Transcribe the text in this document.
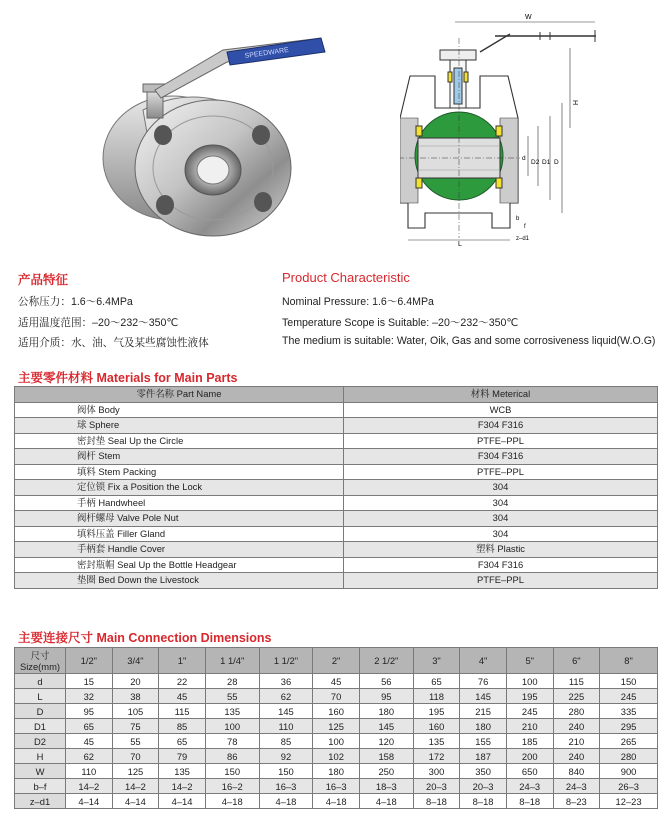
SPEEDWARE
W
H
d
D2 D1 D
L
z–d1
b
f
产品特征	Product Characteristic
公称压力：1.6～6.4MPa
适用温度范围：–20～232～350℃
适用介质：水、油、气及某些腐蚀性液体
Nominal Pressure: 1.6～6.4MPa
Temperature Scope is Suitable: –20～232～350℃
The medium is suitable: Water, Oik, Gas and some corrosiveness liquid(W.O.G)
主要零件材料 Materials for Main Parts
零件名称 Part Name	材料 Meterical
阀体 Body	WCB
球 Sphere	F304 F316
密封垫 Seal Up the Circle	PTFE–PPL
阀杆 Stem	F304 F316
填料 Stem Packing	PTFE–PPL
定位锁 Fix a Position the Lock	304
手柄 Handwheel	304
阀杆螺母 Valve Pole Nut	304
填料压盖 Filler Gland	304
手柄套 Handle Cover	塑料 Plastic
密封瓶帽 Seal Up the Bottle Headgear	F304 F316
垫圈 Bed Down the Livestock	PTFE–PPL
主要连接尺寸 Main Connection Dimensions
尺寸
Size(mm)	1/2"	3/4"	1"	1 1/4"	1 1/2"	2"	2 1/2"	3"	4"	5"	6"	8"
d	15	20	22	28	36	45	56	65	76	100	115	150
L	32	38	45	55	62	70	95	118	145	195	225	245
D	95	105	115	135	145	160	180	195	215	245	280	335
D1	65	75	85	100	110	125	145	160	180	210	240	295
D2	45	55	65	78	85	100	120	135	155	185	210	265
H	62	70	79	86	92	102	158	172	187	200	240	280
W	110	125	135	150	150	180	250	300	350	650	840	900
b–f	14–2	14–2	14–2	16–2	16–3	16–3	18–3	20–3	20–3	24–3	24–3	26–3
z–d1	4–14	4–14	4–14	4–18	4–18	4–18	4–18	8–18	8–18	8–18	8–23	12–23
